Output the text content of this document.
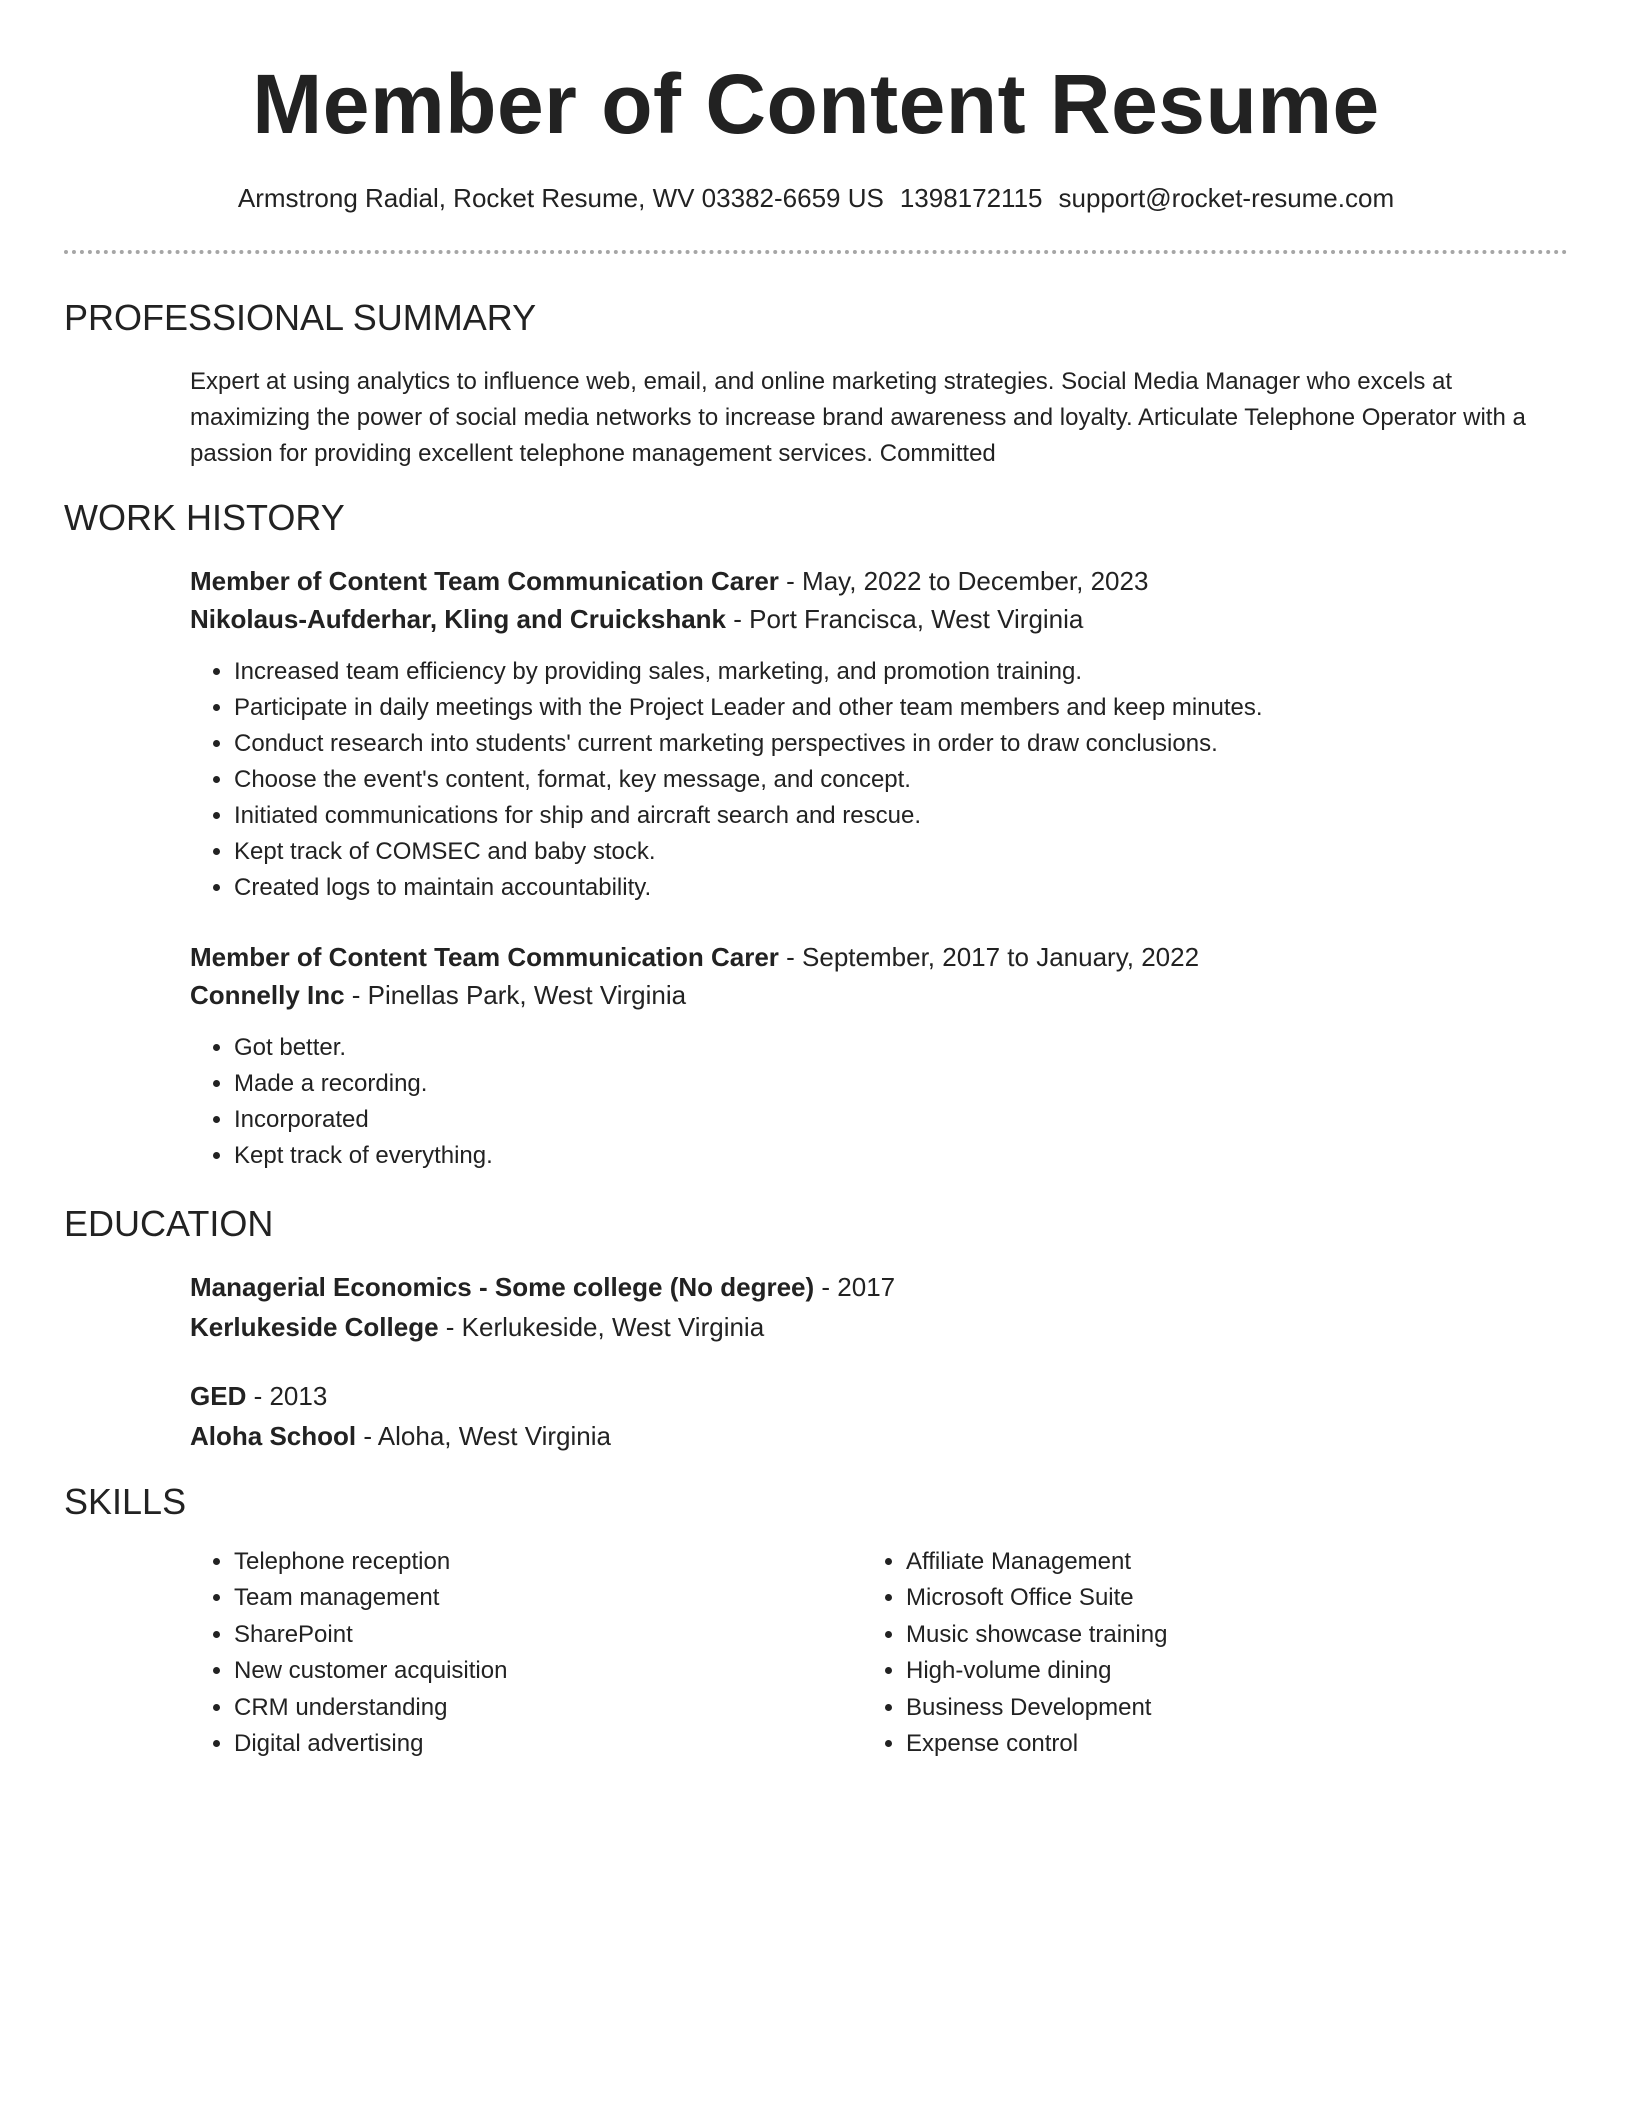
Member of Content Resume
Armstrong Radial, Rocket Resume, WV 03382-6659 US 1398172115 support@rocket-resume.com
PROFESSIONAL SUMMARY

Expert at using analytics to influence web, email, and online marketing strategies. Social Media Manager who excels at maximizing the power of social media networks to increase brand awareness and loyalty. Articulate Telephone Operator with a passion for providing excellent telephone management services. Committed

WORK HISTORY
Member of Content Team Communication Carer - May, 2022 to December, 2023
Nikolaus-Aufderhar, Kling and Cruickshank - Port Francisca, West Virginia
• Increased team efficiency by providing sales, marketing, and promotion training.
• Participate in daily meetings with the Project Leader and other team members and keep minutes.
• Conduct research into students' current marketing perspectives in order to draw conclusions.
• Choose the event's content, format, key message, and concept.
• Initiated communications for ship and aircraft search and rescue.
• Kept track of COMSEC and baby stock.
• Created logs to maintain accountability.
Member of Content Team Communication Carer - September, 2017 to January, 2022
Connelly Inc - Pinellas Park, West Virginia
• Got better.
• Made a recording.
• Incorporated
• Kept track of everything.
EDUCATION
Managerial Economics - Some college (No degree) - 2017
Kerlukeside College - Kerlukeside, West Virginia
GED - 2013
Aloha School - Aloha, West Virginia
SKILLS
• Telephone reception
• Team management
• SharePoint
• New customer acquisition
• CRM understanding
• Digital advertising
• Affiliate Management
• Microsoft Office Suite
• Music showcase training
• High-volume dining
• Business Development
• Expense control
